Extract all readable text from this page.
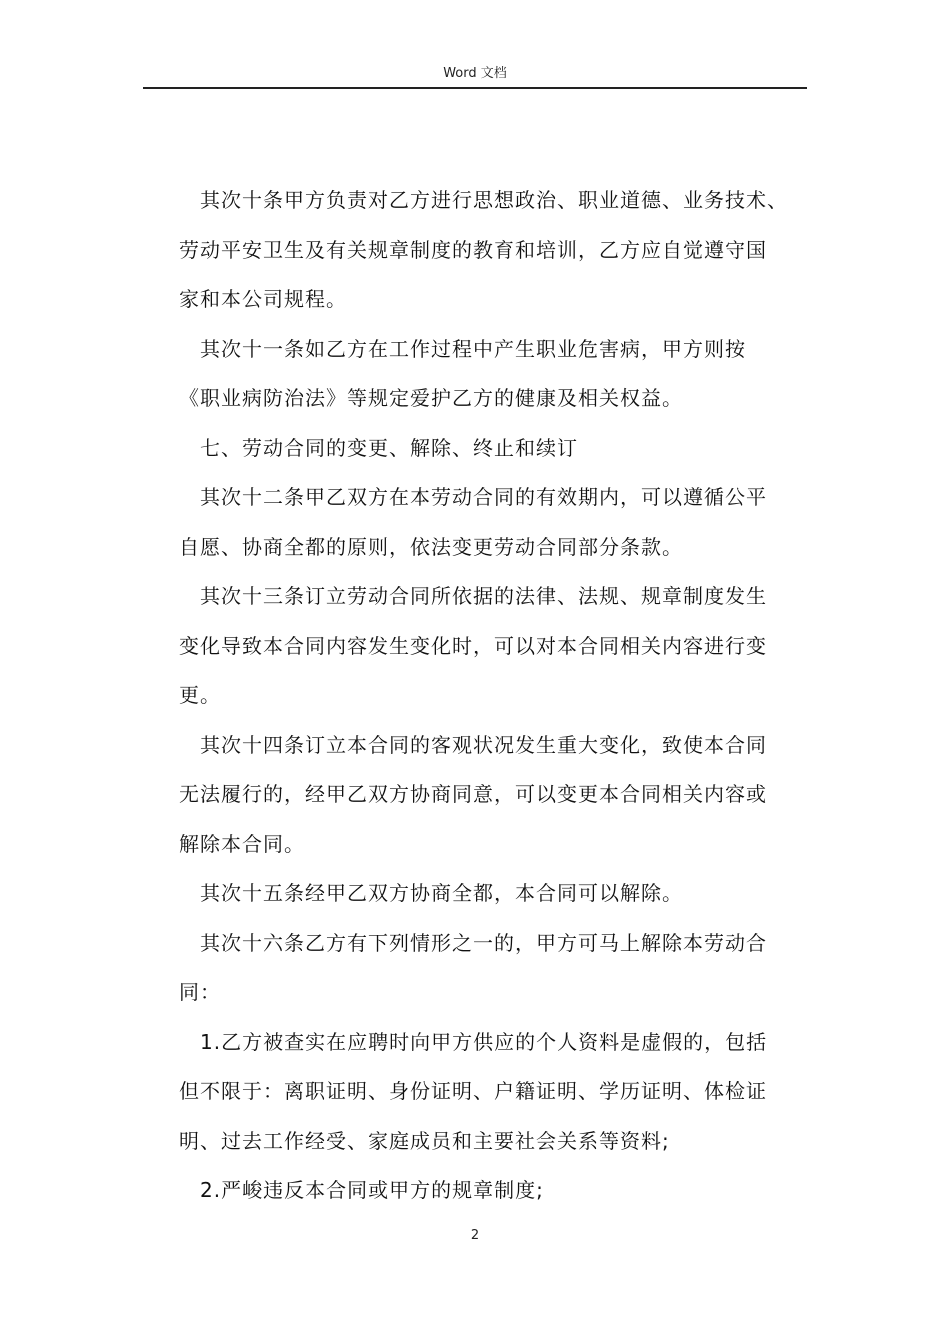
Word 文档

其次十条甲方负责对乙方进行思想政治、职业道德、业务技术、
劳动平安卫生及有关规章制度的教育和培训，乙方应自觉遵守国
家和本公司规程。

其次十一条如乙方在工作过程中产生职业危害病，甲方则按
《职业病防治法》等规定爱护乙方的健康及相关权益。

七、劳动合同的变更、解除、终止和续订

其次十二条甲乙双方在本劳动合同的有效期内，可以遵循公平
自愿、协商全都的原则，依法变更劳动合同部分条款。

其次十三条订立劳动合同所依据的法律、法规、规章制度发生
变化导致本合同内容发生变化时，可以对本合同相关内容进行变
更。

其次十四条订立本合同的客观状况发生重大变化，致使本合同
无法履行的，经甲乙双方协商同意，可以变更本合同相关内容或
解除本合同。

其次十五条经甲乙双方协商全都，本合同可以解除。

其次十六条乙方有下列情形之一的，甲方可马上解除本劳动合
同：

1.乙方被查实在应聘时向甲方供应的个人资料是虚假的，包括
但不限于：离职证明、身份证明、户籍证明、学历证明、体检证
明、过去工作经受、家庭成员和主要社会关系等资料;

2.严峻违反本合同或甲方的规章制度;

2
